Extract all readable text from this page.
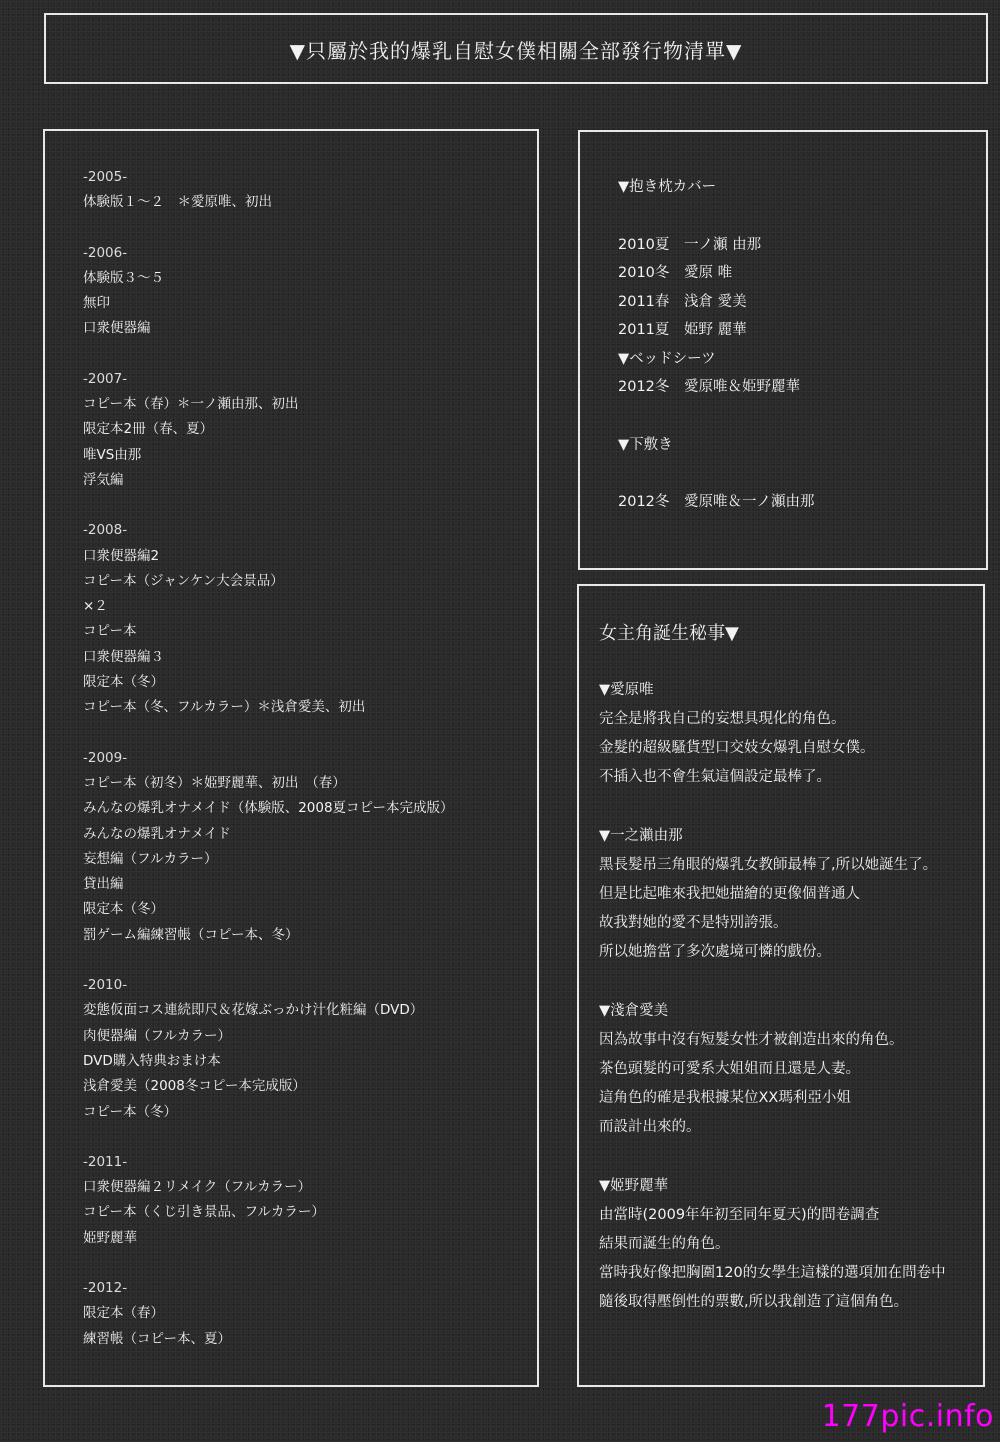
▼只屬於我的爆乳自慰女僕相關全部發行物清單▼
-2005-
体験版１～２　＊愛原唯、初出
-2006-
体験版３～５
無印
口衆便器編
-2007-
コピー本（春）＊一ノ瀬由那、初出
限定本2冊（春、夏）
唯VS由那
浮気編
-2008-
口衆便器編2
コピー本（ジャンケン大会景品）
×２
コピー本
口衆便器編３
限定本（冬）
コピー本（冬、フルカラー）＊浅倉愛美、初出
-2009-
コピー本（初冬）＊姫野麗華、初出　（春）
みんなの爆乳オナメイド（体験版、2008夏コピー本完成版）
みんなの爆乳オナメイド
妄想編（フルカラー）
貸出編
限定本（冬）
罰ゲーム編練習帳（コピー本、冬）
-2010-
変態仮面コス連続即尺＆花嫁ぶっかけ汁化粧編（DVD）
肉便器編（フルカラー）
DVD購入特典おまけ本
浅倉愛美（2008冬コピー本完成版）
コピー本（冬）
-2011-
口衆便器編２リメイク（フルカラー）
コピー本（くじ引き景品、フルカラー）
姫野麗華
-2012-
限定本（春）
練習帳（コピー本、夏）
▼抱き枕カバー
2010夏 一ノ瀬 由那
2010冬 愛原 唯
2011春 浅倉 愛美
2011夏 姫野 麗華
▼ベッドシーツ
2012冬 愛原唯＆姫野麗華
▼下敷き
2012冬 愛原唯＆一ノ瀬由那
女主角誕生秘事▼
▼愛原唯
完全是將我自己的妄想具現化的角色。
金髮的超級騷貨型口交妓女爆乳自慰女僕。
不插入也不會生氣這個設定最棒了。
▼一之瀨由那
黑長髮吊三角眼的爆乳女教師最棒了,所以她誕生了。
但是比起唯來我把她描繪的更像個普通人
故我對她的愛不是特別誇張。
所以她擔當了多次處境可憐的戲份。
▼淺倉愛美
因為故事中沒有短髮女性才被創造出來的角色。
茶色頭髮的可愛系大姐姐而且還是人妻。
這角色的確是我根據某位XX瑪利亞小姐
而設計出來的。
▼姬野麗華
由當時(2009年年初至同年夏天)的問卷調查
結果而誕生的角色。
當時我好像把胸圍120的女學生這樣的選項加在問卷中
隨後取得壓倒性的票數,所以我創造了這個角色。
177pic.info
